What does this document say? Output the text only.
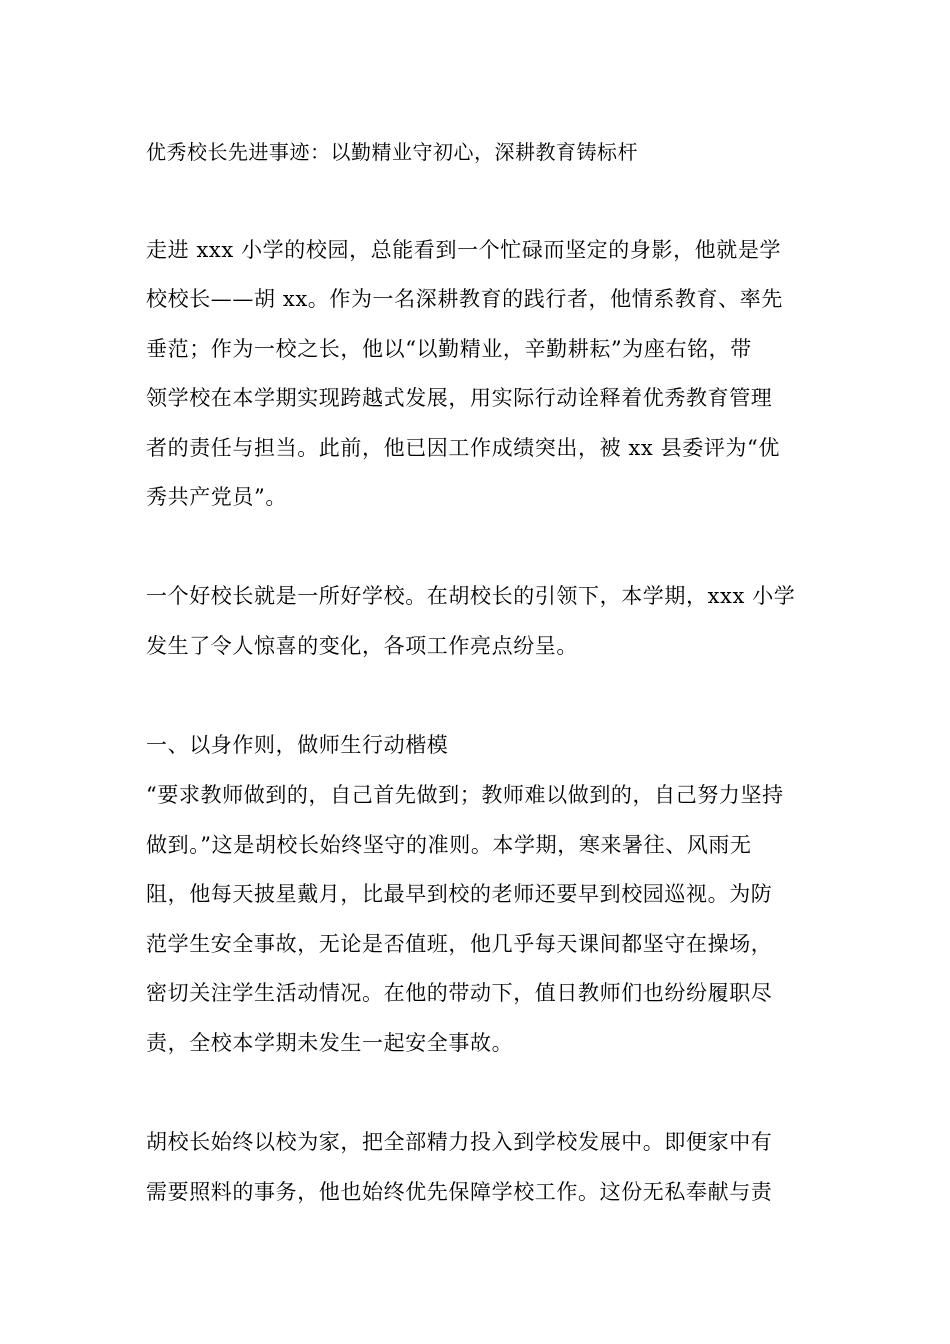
优秀校长先进事迹：以勤精业守初心，深耕教育铸标杆
走进 xxx 小学的校园，总能看到一个忙碌而坚定的身影，他就是学
校校长——胡 xx。作为一名深耕教育的践行者，他情系教育、率先
垂范；作为一校之长，他以“以勤精业，辛勤耕耘”为座右铭，带
领学校在本学期实现跨越式发展，用实际行动诠释着优秀教育管理
者的责任与担当。此前，他已因工作成绩突出，被 xx 县委评为“优
秀共产党员”。
一个好校长就是一所好学校。在胡校长的引领下，本学期，xxx 小学
发生了令人惊喜的变化，各项工作亮点纷呈。
一、以身作则，做师生行动楷模
“要求教师做到的，自己首先做到；教师难以做到的，自己努力坚持
做到。”这是胡校长始终坚守的准则。本学期，寒来暑往、风雨无
阻，他每天披星戴月，比最早到校的老师还要早到校园巡视。为防
范学生安全事故，无论是否值班，他几乎每天课间都坚守在操场，
密切关注学生活动情况。在他的带动下，值日教师们也纷纷履职尽
责，全校本学期未发生一起安全事故。
胡校长始终以校为家，把全部精力投入到学校发展中。即便家中有
需要照料的事务，他也始终优先保障学校工作。这份无私奉献与责
